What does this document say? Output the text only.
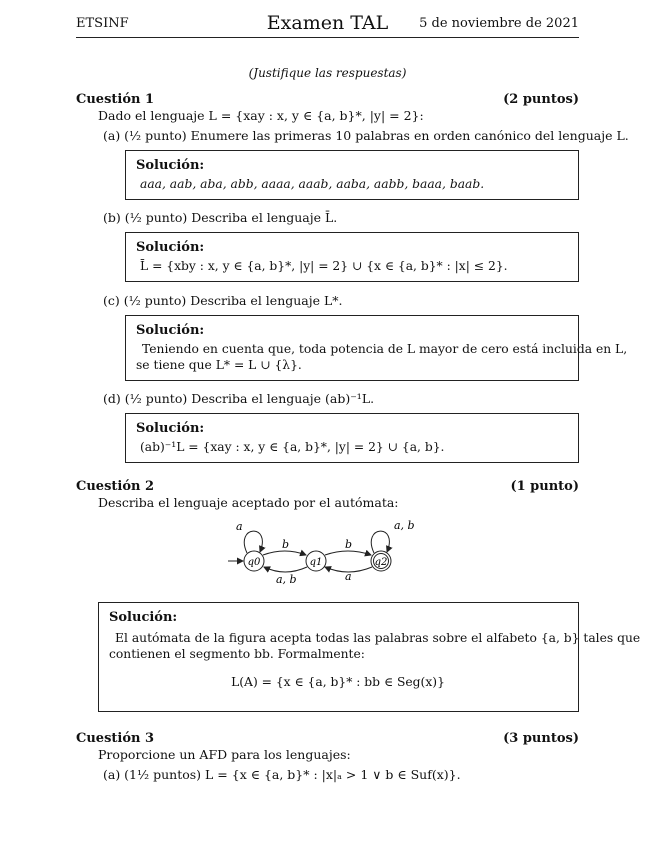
ETSINF	Examen TAL	5 de noviembre de 2021
(Justifique las respuestas)
Cuestión 1	(2 puntos)
Dado el lenguaje L = {xay : x, y ∈ {a, b}*, |y| = 2}:
(a) (½ punto) Enumere las primeras 10 palabras en orden canónico del lenguaje L.
Solución:
aaa, aab, aba, abb, aaaa, aaab, aaba, aabb, baaa, baab.
(b) (½ punto) Describa el lenguaje L̄.
Solución:
L̄ = {xby : x, y ∈ {a, b}*, |y| = 2} ∪ {x ∈ {a, b}* : |x| ≤ 2}.
(c) (½ punto) Describa el lenguaje L*.
Solución:
Teniendo en cuenta que, toda potencia de L mayor de cero está incluida en L,
se tiene que L* = L ∪ {λ}.
(d) (½ punto) Describa el lenguaje (ab)⁻¹L.
Solución:
(ab)⁻¹L = {xay : x, y ∈ {a, b}*, |y| = 2} ∪ {a, b}.
Cuestión 2	(1 punto)
Describa el lenguaje aceptado por el autómata:
q0	q1	q2
a
b
a, b
b
a
a, b
Solución:
El autómata de la figura acepta todas las palabras sobre el alfabeto {a, b} tales que
contienen el segmento bb. Formalmente:
L(A) = {x ∈ {a, b}* : bb ∈ Seg(x)}
Cuestión 3	(3 puntos)
Proporcione un AFD para los lenguajes:
(a) (1½ puntos) L = {x ∈ {a, b}* : |x|ₐ > 1 ∨ b ∈ Suf(x)}.
